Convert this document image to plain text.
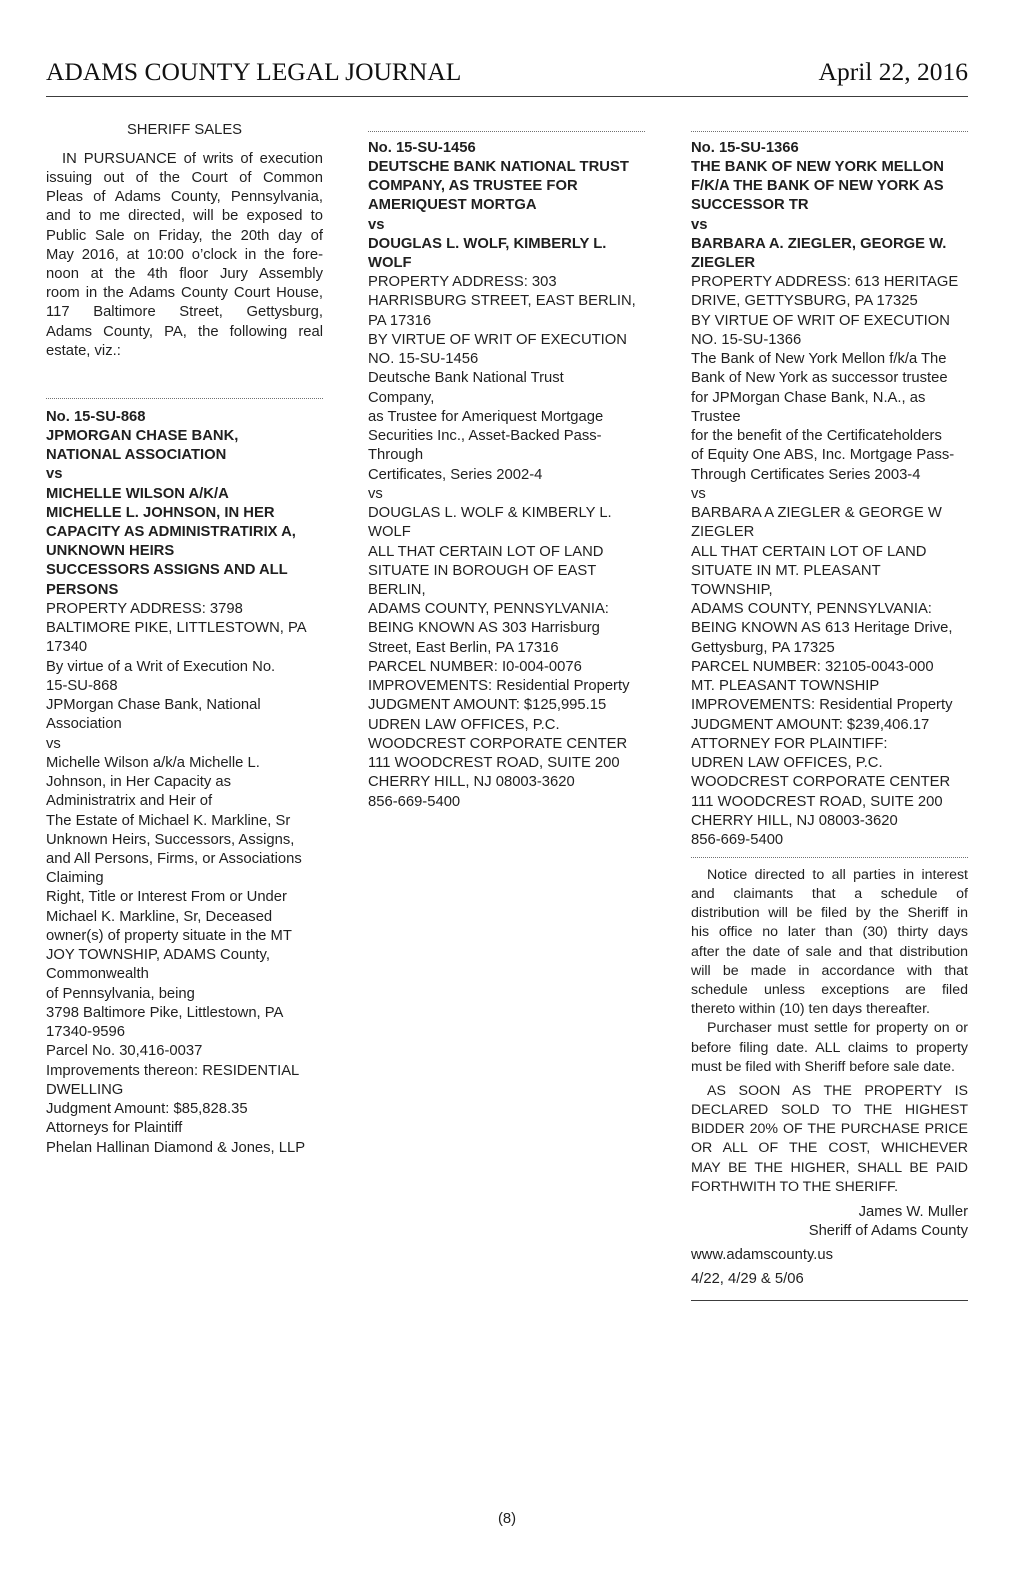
ADAMS COUNTY LEGAL JOURNAL	April 22, 2016
SHERIFF SALES
IN PURSUANCE of writs of execution
issuing out of the Court of Common
Pleas of Adams County, Pennsylvania,
and to me directed, will be exposed to
Public Sale on Friday, the 20th day of
May 2016, at 10:00 o’clock in the fore-
noon at the 4th floor Jury Assembly
room in the Adams County Court House,
117 Baltimore Street, Gettysburg,
Adams County, PA, the following real
estate, viz.:
No. 15-SU-868
JPMORGAN CHASE BANK,
NATIONAL ASSOCIATION
vs
MICHELLE WILSON A/K/A
MICHELLE L. JOHNSON, IN HER
CAPACITY AS ADMINISTRATIRIX A,
UNKNOWN HEIRS
SUCCESSORS ASSIGNS AND ALL
PERSONS
PROPERTY ADDRESS: 3798
BALTIMORE PIKE, LITTLESTOWN, PA
17340
By virtue of a Writ of Execution No.
15-SU-868
JPMorgan Chase Bank, National
Association
vs
Michelle Wilson a/k/a Michelle L.
Johnson, in Her Capacity as
Administratrix and Heir of
The Estate of Michael K. Markline, Sr
Unknown Heirs, Successors, Assigns,
and All Persons, Firms, or Associations
Claiming
Right, Title or Interest From or Under
Michael K. Markline, Sr, Deceased
owner(s) of property situate in the MT
JOY TOWNSHIP, ADAMS County,
Commonwealth
of Pennsylvania, being
3798 Baltimore Pike, Littlestown, PA
17340-9596
Parcel No. 30,416-0037
Improvements thereon: RESIDENTIAL
DWELLING
Judgment Amount: $85,828.35
Attorneys for Plaintiff
Phelan Hallinan Diamond & Jones, LLP
No. 15-SU-1456
DEUTSCHE BANK NATIONAL TRUST
COMPANY, AS TRUSTEE FOR
AMERIQUEST MORTGA
vs
DOUGLAS L. WOLF, KIMBERLY L.
WOLF
PROPERTY ADDRESS: 303
HARRISBURG STREET, EAST BERLIN,
PA 17316
BY VIRTUE OF WRIT OF EXECUTION
NO. 15-SU-1456
Deutsche Bank National Trust
Company,
as Trustee for Ameriquest Mortgage
Securities Inc., Asset-Backed Pass-
Through
Certificates, Series 2002-4
vs
DOUGLAS L. WOLF & KIMBERLY L.
WOLF
ALL THAT CERTAIN LOT OF LAND
SITUATE IN BOROUGH OF EAST
BERLIN,
ADAMS COUNTY, PENNSYLVANIA:
BEING KNOWN AS 303 Harrisburg
Street, East Berlin, PA 17316
PARCEL NUMBER: I0-004-0076
IMPROVEMENTS: Residential Property
JUDGMENT AMOUNT: $125,995.15
UDREN LAW OFFICES, P.C.
WOODCREST CORPORATE CENTER
111 WOODCREST ROAD, SUITE 200
CHERRY HILL, NJ 08003-3620
856-669-5400
No. 15-SU-1366
THE BANK OF NEW YORK MELLON
F/K/A THE BANK OF NEW YORK AS
SUCCESSOR TR
vs
BARBARA A. ZIEGLER, GEORGE W.
ZIEGLER
PROPERTY ADDRESS: 613 HERITAGE
DRIVE, GETTYSBURG, PA 17325
BY VIRTUE OF WRIT OF EXECUTION
NO. 15-SU-1366
The Bank of New York Mellon f/k/a The
Bank of New York as successor trustee
for JPMorgan Chase Bank, N.A., as
Trustee
for the benefit of the Certificateholders
of Equity One ABS, Inc. Mortgage Pass-
Through Certificates Series 2003-4
vs
BARBARA A ZIEGLER & GEORGE W
ZIEGLER
ALL THAT CERTAIN LOT OF LAND
SITUATE IN MT. PLEASANT
TOWNSHIP,
ADAMS COUNTY, PENNSYLVANIA:
BEING KNOWN AS 613 Heritage Drive,
Gettysburg, PA 17325
PARCEL NUMBER: 32105-0043-000
MT. PLEASANT TOWNSHIP
IMPROVEMENTS: Residential Property
JUDGMENT AMOUNT: $239,406.17
ATTORNEY FOR PLAINTIFF:
UDREN LAW OFFICES, P.C.
WOODCREST CORPORATE CENTER
111 WOODCREST ROAD, SUITE 200
CHERRY HILL, NJ 08003-3620
856-669-5400
Notice directed to all parties in interest
and claimants that a schedule of
distribution will be filed by the Sheriff in
his office no later than (30) thirty days
after the date of sale and that distribution
will be made in accordance with that
schedule unless exceptions are filed
thereto within (10) ten days thereafter.
Purchaser must settle for property on or
before filing date. ALL claims to property
must be filed with Sheriff before sale date.
AS SOON AS THE PROPERTY IS
DECLARED SOLD TO THE HIGHEST
BIDDER 20% OF THE PURCHASE PRICE
OR ALL OF THE COST, WHICHEVER
MAY BE THE HIGHER, SHALL BE PAID
FORTHWITH TO THE SHERIFF.
James W. Muller
Sheriff of Adams County
www.adamscounty.us
4/22, 4/29 & 5/06
(8)
